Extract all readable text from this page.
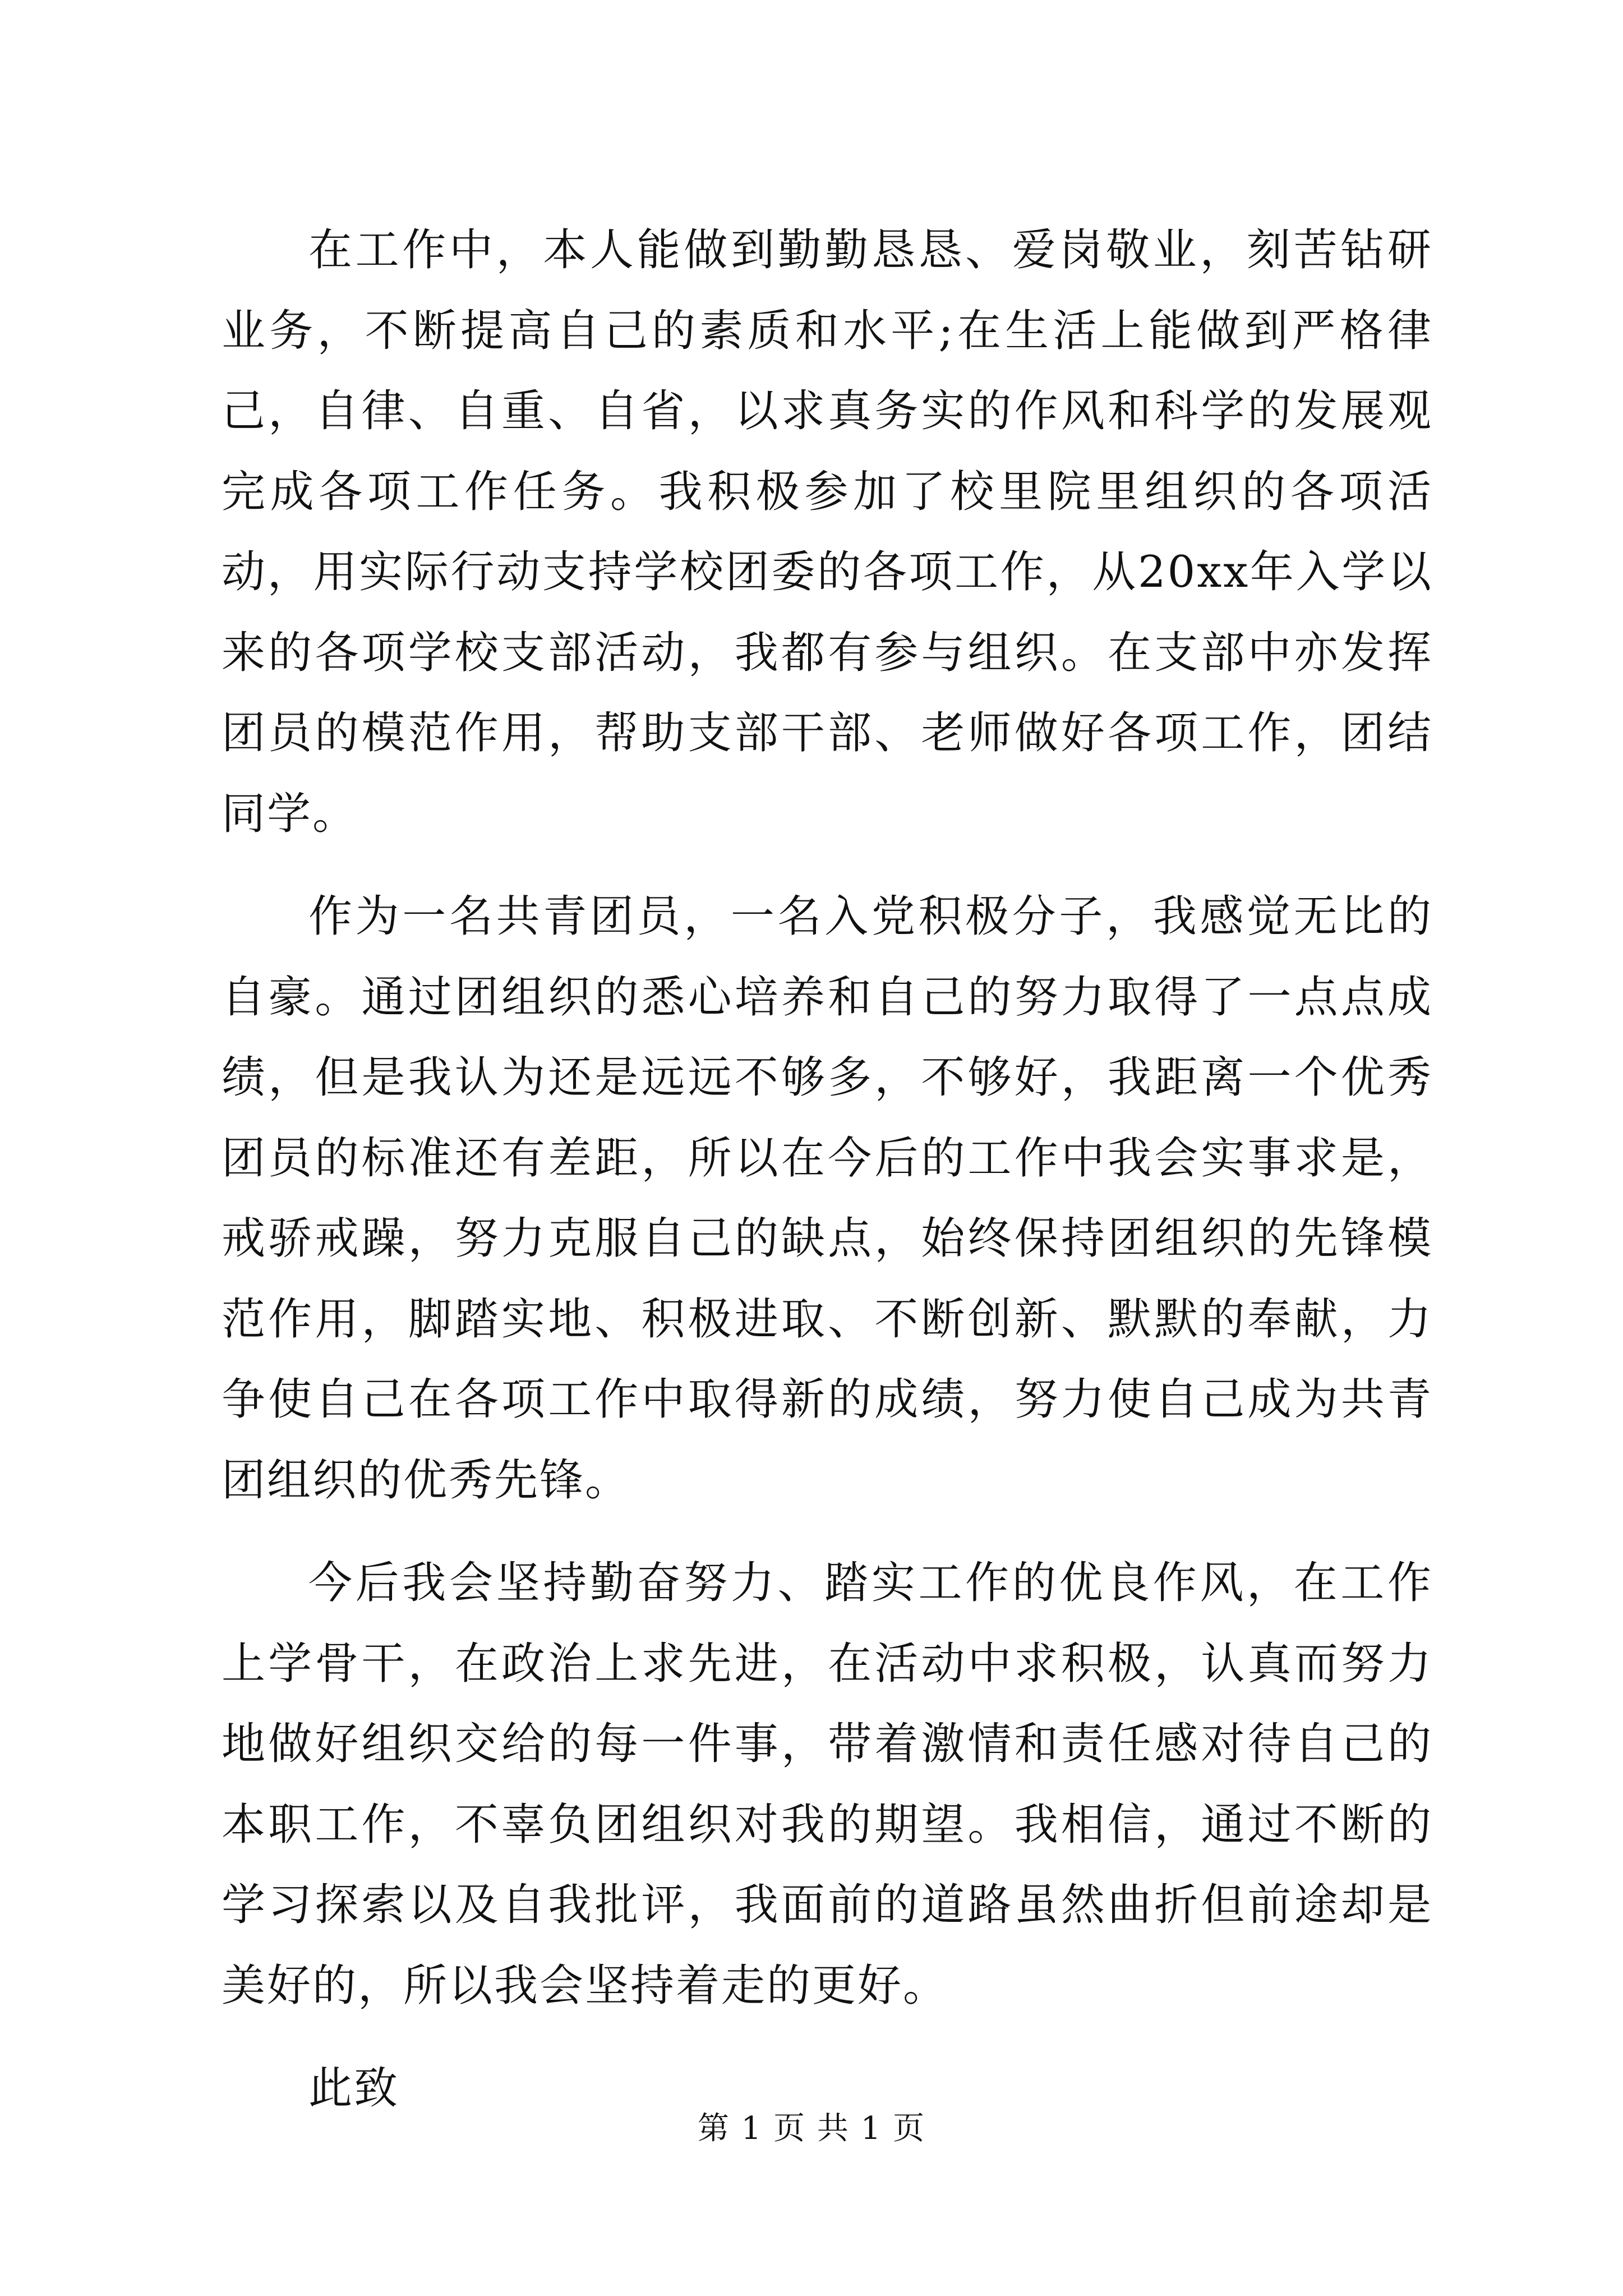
在工作中，本人能做到勤勤恳恳、爱岗敬业，刻苦钻研业务，不断提高自己的素质和水平;在生活上能做到严格律己，自律、自重、自省，以求真务实的作风和科学的发展观完成各项工作任务。我积极参加了校里院里组织的各项活动，用实际行动支持学校团委的各项工作，从20xx年入学以来的各项学校支部活动，我都有参与组织。在支部中亦发挥团员的模范作用，帮助支部干部、老师做好各项工作，团结同学。

作为一名共青团员，一名入党积极分子，我感觉无比的自豪。通过团组织的悉心培养和自己的努力取得了一点点成绩，但是我认为还是远远不够多，不够好，我距离一个优秀团员的标准还有差距，所以在今后的工作中我会实事求是，戒骄戒躁，努力克服自己的缺点，始终保持团组织的先锋模范作用，脚踏实地、积极进取、不断创新、默默的奉献，力争使自己在各项工作中取得新的成绩，努力使自己成为共青团组织的优秀先锋。

今后我会坚持勤奋努力、踏实工作的优良作风，在工作上学骨干，在政治上求先进，在活动中求积极，认真而努力地做好组织交给的每一件事，带着激情和责任感对待自己的本职工作，不辜负团组织对我的期望。我相信，通过不断的学习探索以及自我批评，我面前的道路虽然曲折但前途却是美好的，所以我会坚持着走的更好。

此致

第 1 页 共 1 页
